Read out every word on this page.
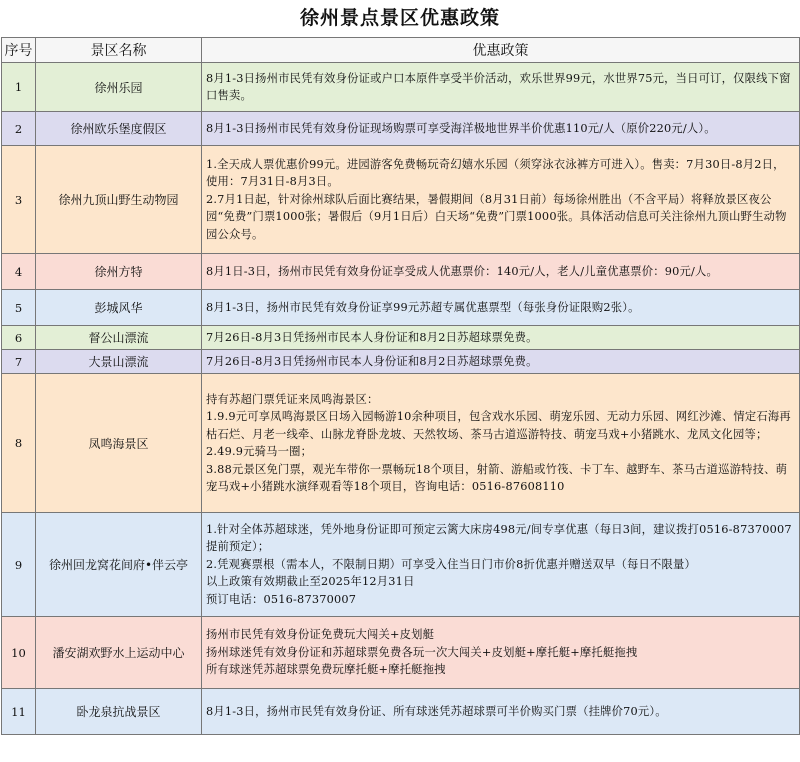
徐州景点景区优惠政策
序号	景区名称	优惠政策
1	徐州乐园	8月1-3日扬州市民凭有效身份证或户口本原件享受半价活动，欢乐世界99元，水世界75元，当日可订，仅限线下窗口售卖。

2	徐州欧乐堡度假区	8月1-3日扬州市民凭有效身份证现场购票可享受海洋极地世界半价优惠110元/人（原价220元/人）。

3	徐州九顶山野生动物园	1.全天成人票优惠价99元。进园游客免费畅玩奇幻嬉水乐园（须穿泳衣泳裤方可进入）。售卖：7月30日-8月2日，使用：7月31日-8月3日。
2.7月1日起，针对徐州球队后面比赛结果，暑假期间（8月31日前）每场徐州胜出（不含平局）将释放景区夜公园“免费”门票1000张；暑假后（9月1日后）白天场“免费”门票1000张。具体活动信息可关注徐州九顶山野生动物园公众号。

4	徐州方特	8月1日-3日，扬州市民凭有效身份证享受成人优惠票价：140元/人，老人/儿童优惠票价：90元/人。

5	彭城风华	8月1-3日，扬州市民凭有效身份证享99元苏超专属优惠票型（每张身份证限购2张）。

6	督公山漂流	7月26日-8月3日凭扬州市民本人身份证和8月2日苏超球票免费。

7	大景山漂流	7月26日-8月3日凭扬州市民本人身份证和8月2日苏超球票免费。

8	凤鸣海景区	持有苏超门票凭证来凤鸣海景区：
1.9.9元可享凤鸣海景区日场入园畅游10余种项目，包含戏水乐园、萌宠乐园、无动力乐园、网红沙滩、情定石海再枯石烂、月老一线牵、山脉龙脊卧龙坡、天然牧场、茶马古道巡游特技、萌宠马戏+小猪跳水、龙凤文化园等；
2.49.9元骑马一圈；
3.88元景区免门票，观光车带你一票畅玩18个项目，射箭、游船或竹筏、卡丁车、越野车、茶马古道巡游特技、萌宠马戏+小猪跳水演绎观看等18个项目，咨询电话：0516-87608110

9	徐州回龙窝花间府•伴云亭	1.针对全体苏超球迷，凭外地身份证即可预定云篱大床房498元/间专享优惠（每日3间，建议拨打0516-87370007提前预定）；
2.凭观赛票根（需本人，不限制日期）可享受入住当日门市价8折优惠并赠送双早（每日不限量）
以上政策有效期截止至2025年12月31日
预订电话：0516-87370007

10	潘安湖欢野水上运动中心	扬州市民凭有效身份证免费玩大闯关+皮划艇
扬州球迷凭有效身份证和苏超球票免费各玩一次大闯关+皮划艇+摩托艇+摩托艇拖拽
所有球迷凭苏超球票免费玩摩托艇+摩托艇拖拽

11	卧龙泉抗战景区	8月1-3日，扬州市民凭有效身份证、所有球迷凭苏超球票可半价购买门票（挂牌价70元）。
